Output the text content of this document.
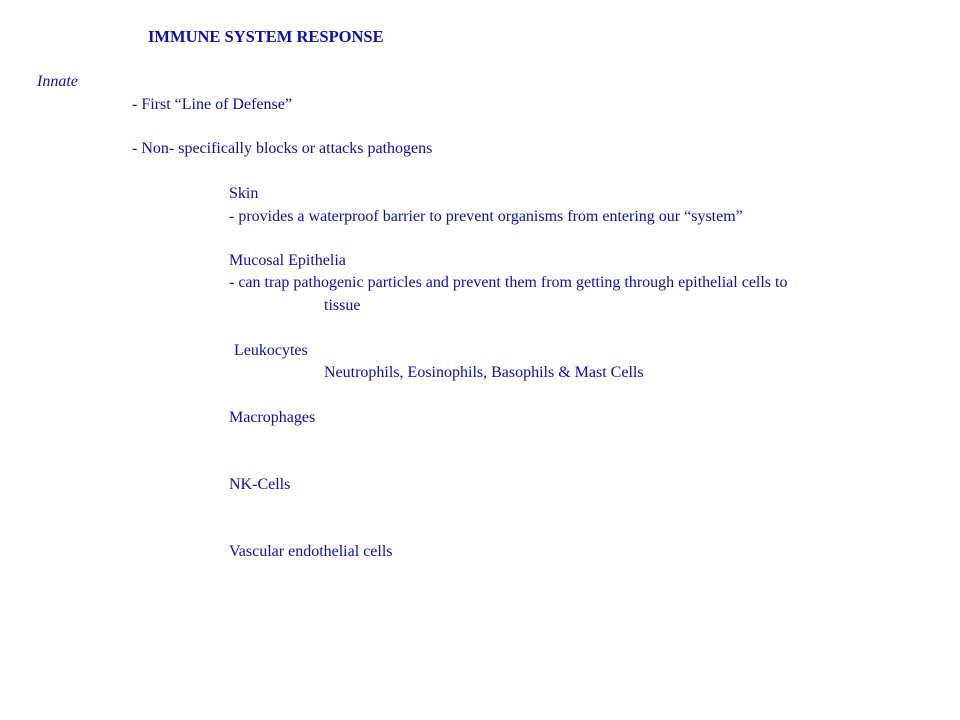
IMMUNE SYSTEM RESPONSE
Innate
- First “Line of Defense”
- Non- specifically blocks or attacks pathogens
Skin
- provides a waterproof barrier to prevent organisms from entering our “system”
Mucosal Epithelia
- can trap pathogenic particles and prevent them from getting through epithelial cells to
tissue
Leukocytes
Neutrophils, Eosinophils, Basophils & Mast Cells
Macrophages
NK-Cells
Vascular endothelial cells
